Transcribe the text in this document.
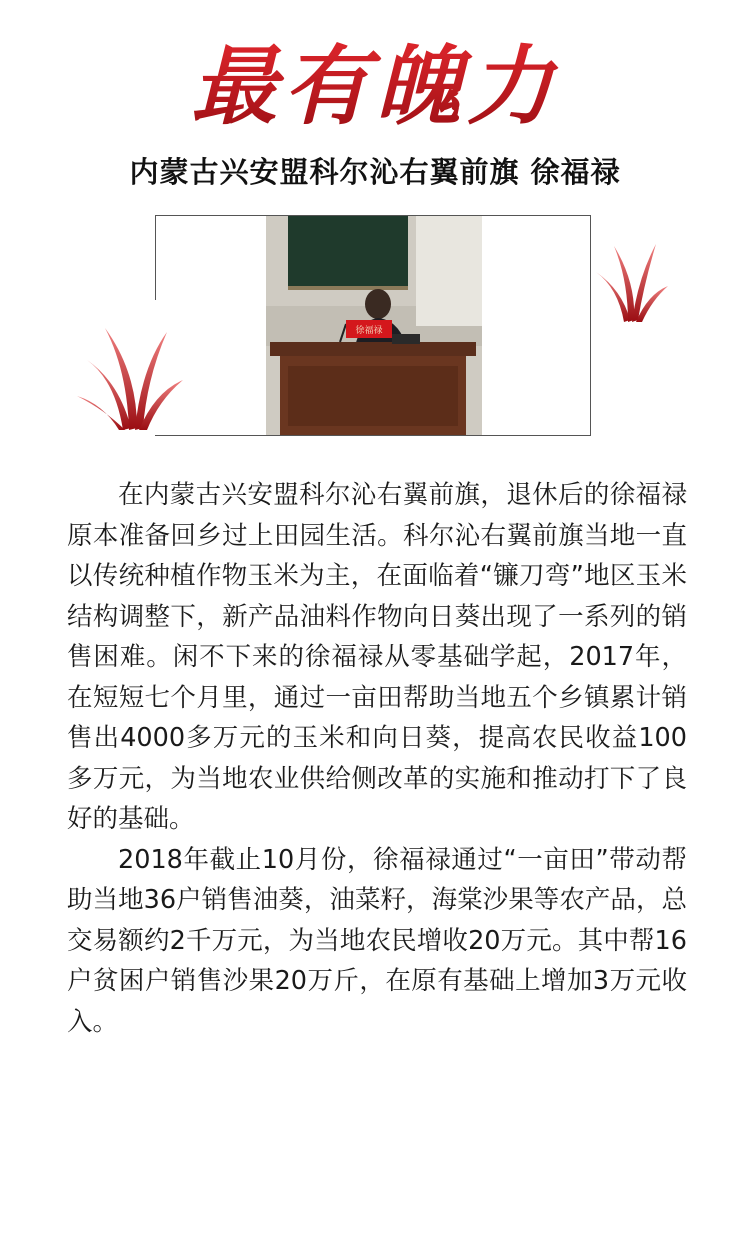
最有魄力
内蒙古兴安盟科尔沁右翼前旗 徐福禄
徐福禄

在内蒙古兴安盟科尔沁右翼前旗，退休后的徐福禄原本准备回乡过上田园生活。科尔沁右翼前旗当地一直以传统种植作物玉米为主，在面临着“镰刀弯”地区玉米结构调整下，新产品油料作物向日葵出现了一系列的销售困难。闲不下来的徐福禄从零基础学起，2017年，在短短七个月里，通过一亩田帮助当地五个乡镇累计销售出4000多万元的玉米和向日葵，提高农民收益100多万元，为当地农业供给侧改革的实施和推动打下了良好的基础。

2018年截止10月份，徐福禄通过“一亩田”带动帮助当地36户销售油葵，油菜籽，海棠沙果等农产品，总交易额约2千万元，为当地农民增收20万元。其中帮16户贫困户销售沙果20万斤，在原有基础上增加3万元收入。
